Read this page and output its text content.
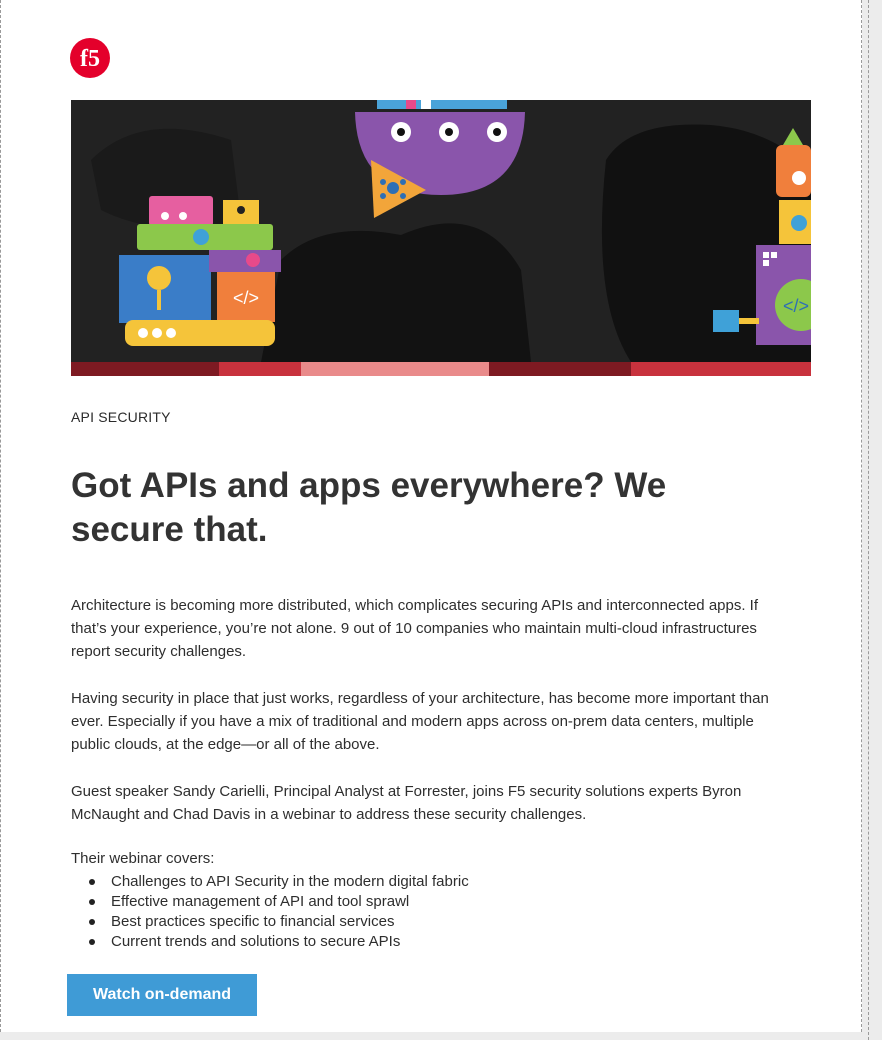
f5
</>	</>
API SECURITY
Got APIs and apps everywhere? We secure that.

Architecture is becoming more distributed, which complicates securing APIs and interconnected apps. If that’s your experience, you’re not alone. 9 out of 10 companies who maintain multi-cloud infrastructures report security challenges.

Having security in place that just works, regardless of your architecture, has become more important than ever. Especially if you have a mix of traditional and modern apps across on-prem data centers, multiple public clouds, at the edge—or all of the above.

Guest speaker Sandy Carielli, Principal Analyst at Forrester, joins F5 security solutions experts Byron McNaught and Chad Davis in a webinar to address these security challenges.

Their webinar covers:
Challenges to API Security in the modern digital fabric
Effective management of API and tool sprawl
Best practices specific to financial services
Current trends and solutions to secure APIs
Watch on-demand
